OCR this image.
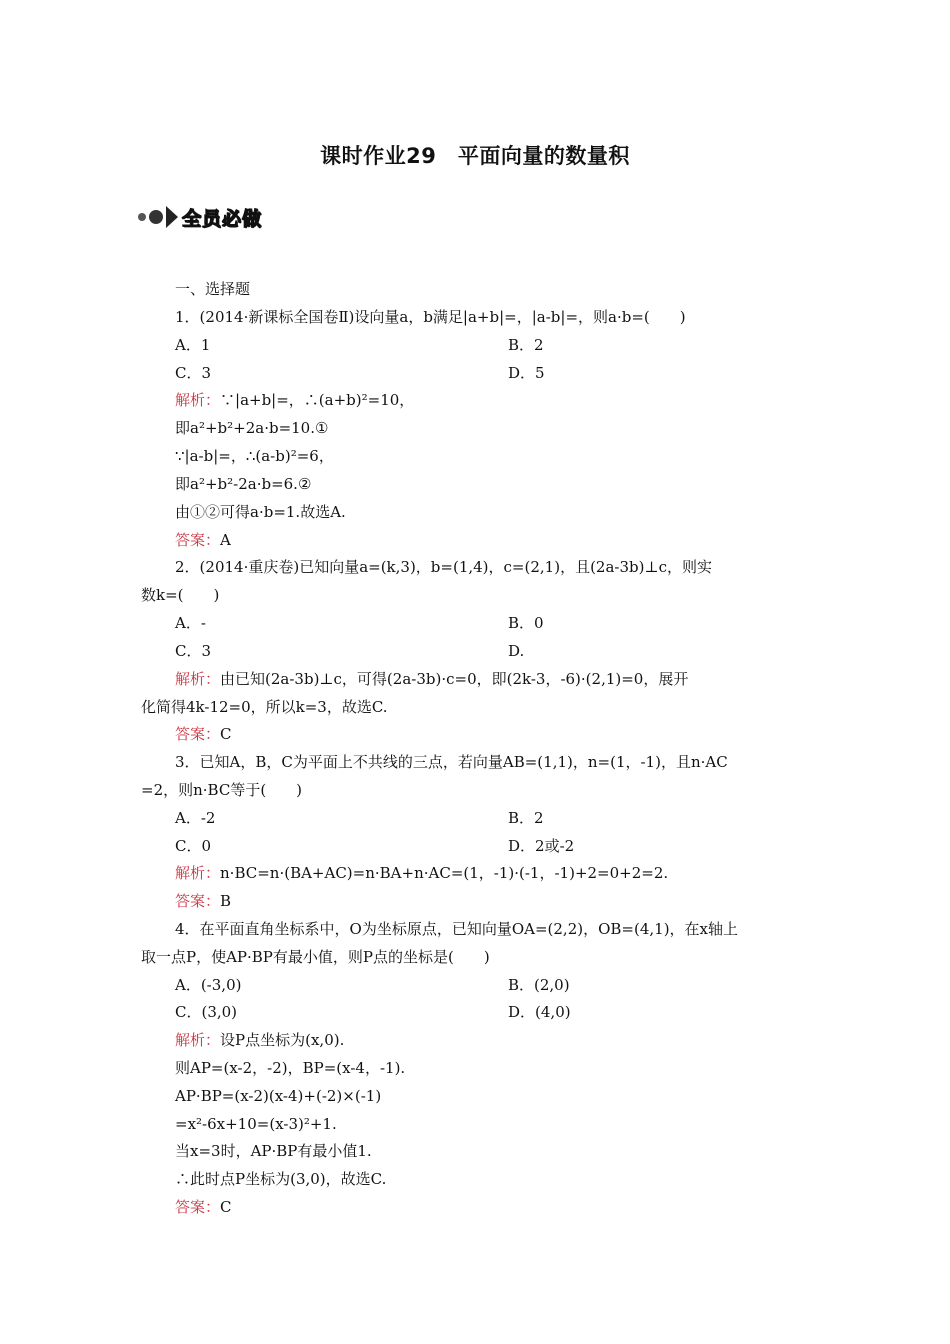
课时作业29　平面向量的数量积
全员必做
一、选择题
1．(2014·新课标全国卷Ⅱ)设向量a，b满足|a+b|=，|a-b|=，则a·b=(　　)
A．1	B．2
C．3	D．5
解析：∵|a+b|=，∴(a+b)²=10，
即a²+b²+2a·b=10.①
∵|a-b|=，∴(a-b)²=6，
即a²+b²-2a·b=6.②
由①②可得a·b=1.故选A.
答案：A
2．(2014·重庆卷)已知向量a=(k,3)，b=(1,4)，c=(2,1)，且(2a-3b)⊥c，则实
数k=(　　)
A．-	B．0
C．3	D.
解析：由已知(2a-3b)⊥c，可得(2a-3b)·c=0，即(2k-3，-6)·(2,1)=0，展开
化简得4k-12=0，所以k=3，故选C.
答案：C
3．已知A，B，C为平面上不共线的三点，若向量AB=(1,1)，n=(1，-1)，且n·AC
=2，则n·BC等于(　　)
A．-2	B．2
C．0	D．2或-2
解析：n·BC=n·(BA+AC)=n·BA+n·AC=(1，-1)·(-1，-1)+2=0+2=2.
答案：B
4．在平面直角坐标系中，O为坐标原点，已知向量OA=(2,2)，OB=(4,1)，在x轴上
取一点P，使AP·BP有最小值，则P点的坐标是(　　)
A．(-3,0)	B．(2,0)
C．(3,0)	D．(4,0)
解析：设P点坐标为(x,0).
则AP=(x-2，-2)，BP=(x-4，-1).
AP·BP=(x-2)(x-4)+(-2)×(-1)
=x²-6x+10=(x-3)²+1.
当x=3时，AP·BP有最小值1.
∴此时点P坐标为(3,0)，故选C.
答案：C
